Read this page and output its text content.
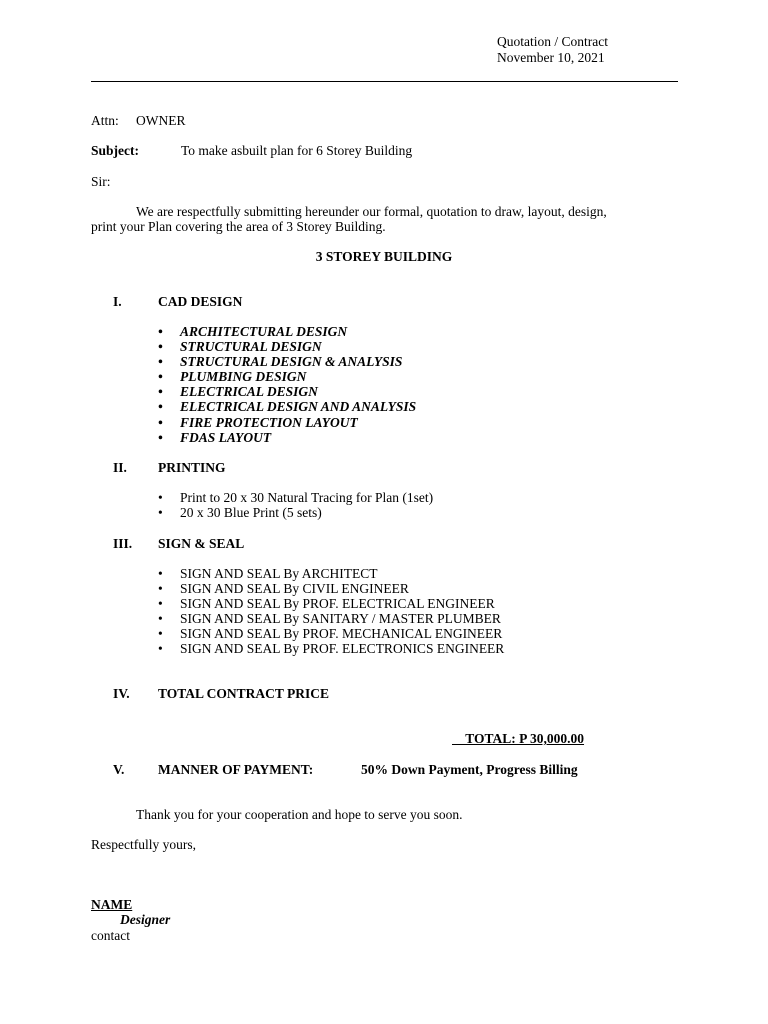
Quotation / Contract
November 10, 2021
Attn: OWNER
Subject:	To make asbuilt plan for 6 Storey Building
Sir:
We are respectfully submitting hereunder our formal, quotation to draw, layout, design,
print your Plan covering the area of 3 Storey Building.
3 STOREY BUILDING
I.	CAD DESIGN
• ARCHITECTURAL DESIGN
• STRUCTURAL DESIGN
• STRUCTURAL DESIGN & ANALYSIS
• PLUMBING DESIGN
• ELECTRICAL DESIGN
• ELECTRICAL DESIGN AND ANALYSIS
• FIRE PROTECTION LAYOUT
• FDAS LAYOUT
II. PRINTING
• Print to 20 x 30 Natural Tracing for Plan (1set)
• 20 x 30 Blue Print (5 sets)
III. SIGN & SEAL
• SIGN AND SEAL By ARCHITECT
• SIGN AND SEAL By CIVIL ENGINEER
• SIGN AND SEAL By PROF. ELECTRICAL ENGINEER
• SIGN AND SEAL By SANITARY / MASTER PLUMBER
• SIGN AND SEAL By PROF. MECHANICAL ENGINEER
• SIGN AND SEAL By PROF. ELECTRONICS ENGINEER
IV. TOTAL CONTRACT PRICE
TOTAL: P 30,000.00
V. MANNER OF PAYMENT:	50% Down Payment, Progress Billing
Thank you for your cooperation and hope to serve you soon.
Respectfully yours,
NAME
Designer
contact
